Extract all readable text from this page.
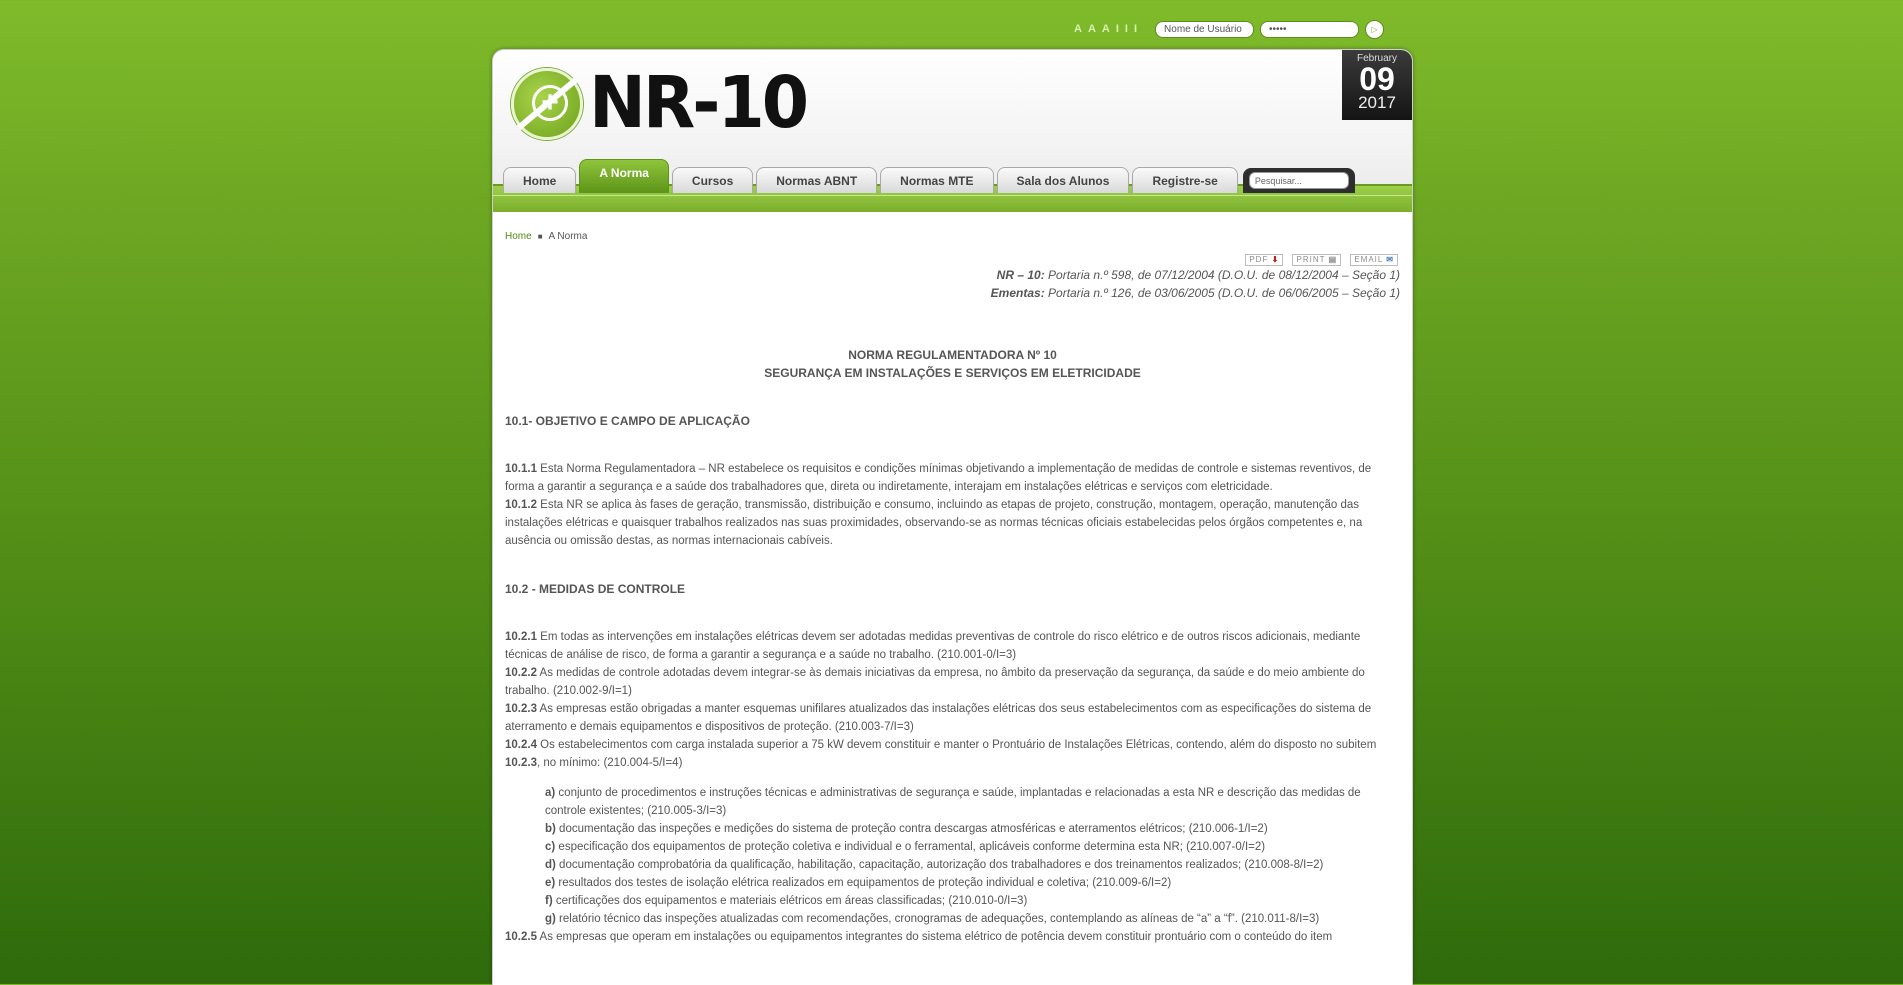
A A A I I I
Nome de Usuário
•••••	▷
+ NR-10
February
09
2017
Home
A Norma
Cursos	Normas ABNT	Normas MTE	Sala dos Alunos	Registre-se
Pesquisar...
Home ■ A Norma
PDF ⬇ PRINT ▤ EMAIL ✉
NR – 10: Portaria n.º 598, de 07/12/2004 (D.O.U. de 08/12/2004 – Seção 1)
Ementas: Portaria n.º 126, de 03/06/2005 (D.O.U. de 06/06/2005 – Seção 1)
NORMA REGULAMENTADORA Nº 10
SEGURANÇA EM INSTALAÇÕES E SERVIÇOS EM ELETRICIDADE
10.1- OBJETIVO E CAMPO DE APLICAÇÃO

10.1.1 Esta Norma Regulamentadora – NR estabelece os requisitos e condições mínimas objetivando a implementação de medidas de controle e sistemas reventivos, de forma a garantir a segurança e a saúde dos trabalhadores que, direta ou indiretamente, interajam em instalações elétricas e serviços com eletricidade.

10.1.2 Esta NR se aplica às fases de geração, transmissão, distribuição e consumo, incluindo as etapas de projeto, construção, montagem, operação, manutenção das instalações elétricas e quaisquer trabalhos realizados nas suas proximidades, observando-se as normas técnicas oficiais estabelecidas pelos órgãos competentes e, na ausência ou omissão destas, as normas internacionais cabíveis.

10.2 - MEDIDAS DE CONTROLE

10.2.1 Em todas as intervenções em instalações elétricas devem ser adotadas medidas preventivas de controle do risco elétrico e de outros riscos adicionais, mediante técnicas de análise de risco, de forma a garantir a segurança e a saúde no trabalho. (210.001-0/I=3)

10.2.2 As medidas de controle adotadas devem integrar-se às demais iniciativas da empresa, no âmbito da preservação da segurança, da saúde e do meio ambiente do trabalho. (210.002-9/I=1)

10.2.3 As empresas estão obrigadas a manter esquemas unifilares atualizados das instalações elétricas dos seus estabelecimentos com as especificações do sistema de aterramento e demais equipamentos e dispositivos de proteção. (210.003-7/I=3)

10.2.4 Os estabelecimentos com carga instalada superior a 75 kW devem constituir e manter o Prontuário de Instalações Elétricas, contendo, além do disposto no subitem 10.2.3, no mínimo: (210.004-5/I=4)

a) conjunto de procedimentos e instruções técnicas e administrativas de segurança e saúde, implantadas e relacionadas a esta NR e descrição das medidas de controle existentes; (210.005-3/I=3)

b) documentação das inspeções e medições do sistema de proteção contra descargas atmosféricas e aterramentos elétricos; (210.006-1/I=2)

c) especificação dos equipamentos de proteção coletiva e individual e o ferramental, aplicáveis conforme determina esta NR; (210.007-0/I=2)

d) documentação comprobatória da qualificação, habilitação, capacitação, autorização dos trabalhadores e dos treinamentos realizados; (210.008-8/I=2)

e) resultados dos testes de isolação elétrica realizados em equipamentos de proteção individual e coletiva; (210.009-6/I=2)

f) certificações dos equipamentos e materiais elétricos em áreas classificadas; (210.010-0/I=3)

g) relatório técnico das inspeções atualizadas com recomendações, cronogramas de adequações, contemplando as alíneas de “a” a “f”. (210.011-8/I=3)

10.2.5 As empresas que operam em instalações ou equipamentos integrantes do sistema elétrico de potência devem constituir prontuário com o conteúdo do item
